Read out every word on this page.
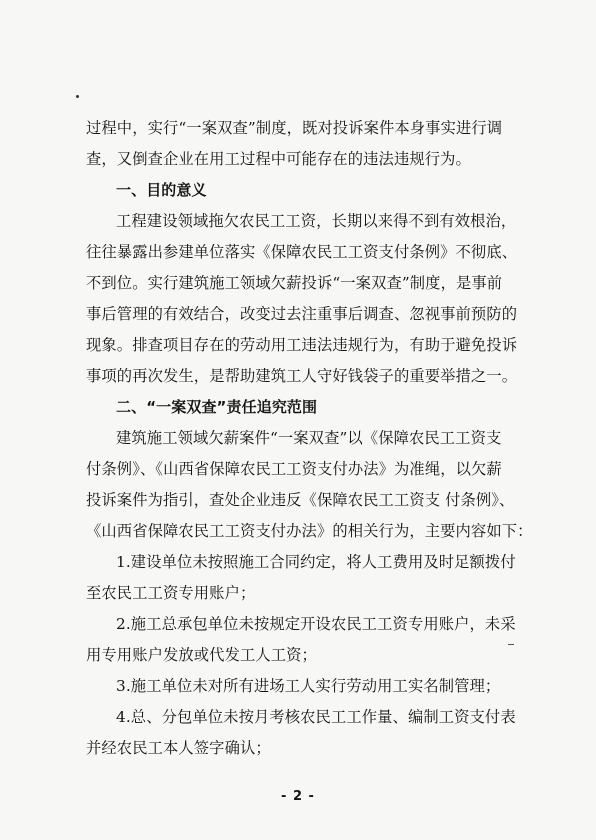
过程中，实行“一案双查”制度，既对投诉案件本身事实进行调
查，又倒查企业在用工过程中可能存在的违法违规行为。
一、目的意义
工程建设领域拖欠农民工工资，长期以来得不到有效根治，
往往暴露出参建单位落实《保障农民工工资支付条例》不彻底、
不到位。实行建筑施工领域欠薪投诉“一案双查”制度，是事前
事后管理的有效结合，改变过去注重事后调查、忽视事前预防的
现象。排查项目存在的劳动用工违法违规行为，有助于避免投诉
事项的再次发生，是帮助建筑工人守好钱袋子的重要举措之一。
二、“一案双查”责任追究范围
建筑施工领域欠薪案件“一案双查”以《保障农民工工资支
付条例》、《山西省保障农民工工资支付办法》为准绳，以欠薪
投诉案件为指引，查处企业违反《保障农民工工资支 付条例》、
《山西省保障农民工工资支付办法》的相关行为，主要内容如下：
1.建设单位未按照施工合同约定，将人工费用及时足额拨付
至农民工工资专用账户；
2.施工总承包单位未按规定开设农民工工资专用账户，未采
用专用账户发放或代发工人工资；
3.施工单位未对所有进场工人实行劳动用工实名制管理；
4.总、分包单位未按月考核农民工工作量、编制工资支付表
并经农民工本人签字确认；
- 2 -
